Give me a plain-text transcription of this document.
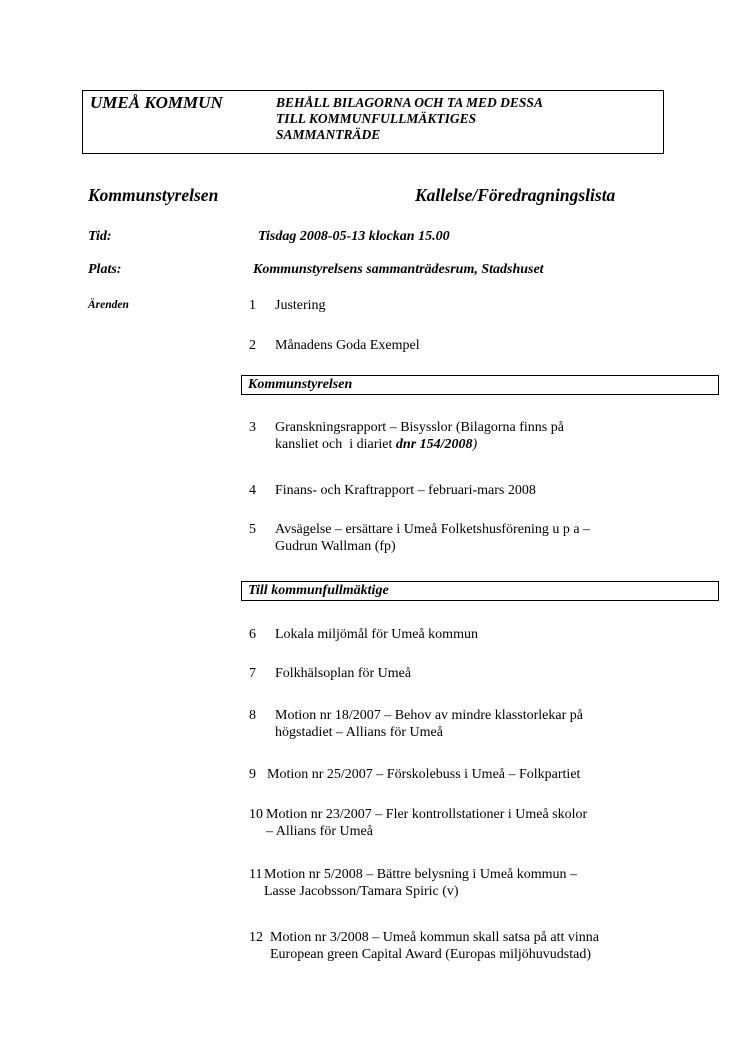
UMEÅ KOMMUN	BEHÅLL BILAGORNA OCH TA MED DESSA
TILL KOMMUNFULLMÄKTIGES
SAMMANTRÄDE
Kommunstyrelsen	Kallelse/Föredragningslista
Tid:	Tisdag 2008-05-13 klockan 15.00
Plats:	Kommunstyrelsens sammanträdesrum, Stadshuset
Ärenden	1 Justering
2 Månadens Goda Exempel
Kommunstyrelsen
3 Granskningsrapport – Bisysslor (Bilagorna finns på
kansliet och  i diariet dnr 154/2008)
4 Finans- och Kraftrapport – februari-mars 2008
5 Avsägelse – ersättare i Umeå Folketshusförening u p a –
Gudrun Wallman (fp)
Till kommunfullmäktige
6 Lokala miljömål för Umeå kommun
7 Folkhälsoplan för Umeå
8 Motion nr 18/2007 – Behov av mindre klasstorlekar på
högstadiet – Allians för Umeå
9 Motion nr 25/2007 – Förskolebuss i Umeå – Folkpartiet
10 Motion nr 23/2007 – Fler kontrollstationer i Umeå skolor
– Allians för Umeå
11 Motion nr 5/2008 – Bättre belysning i Umeå kommun –
Lasse Jacobsson/Tamara Spiric (v)
12 Motion nr 3/2008 – Umeå kommun skall satsa på att vinna
European green Capital Award (Europas miljöhuvudstad)
